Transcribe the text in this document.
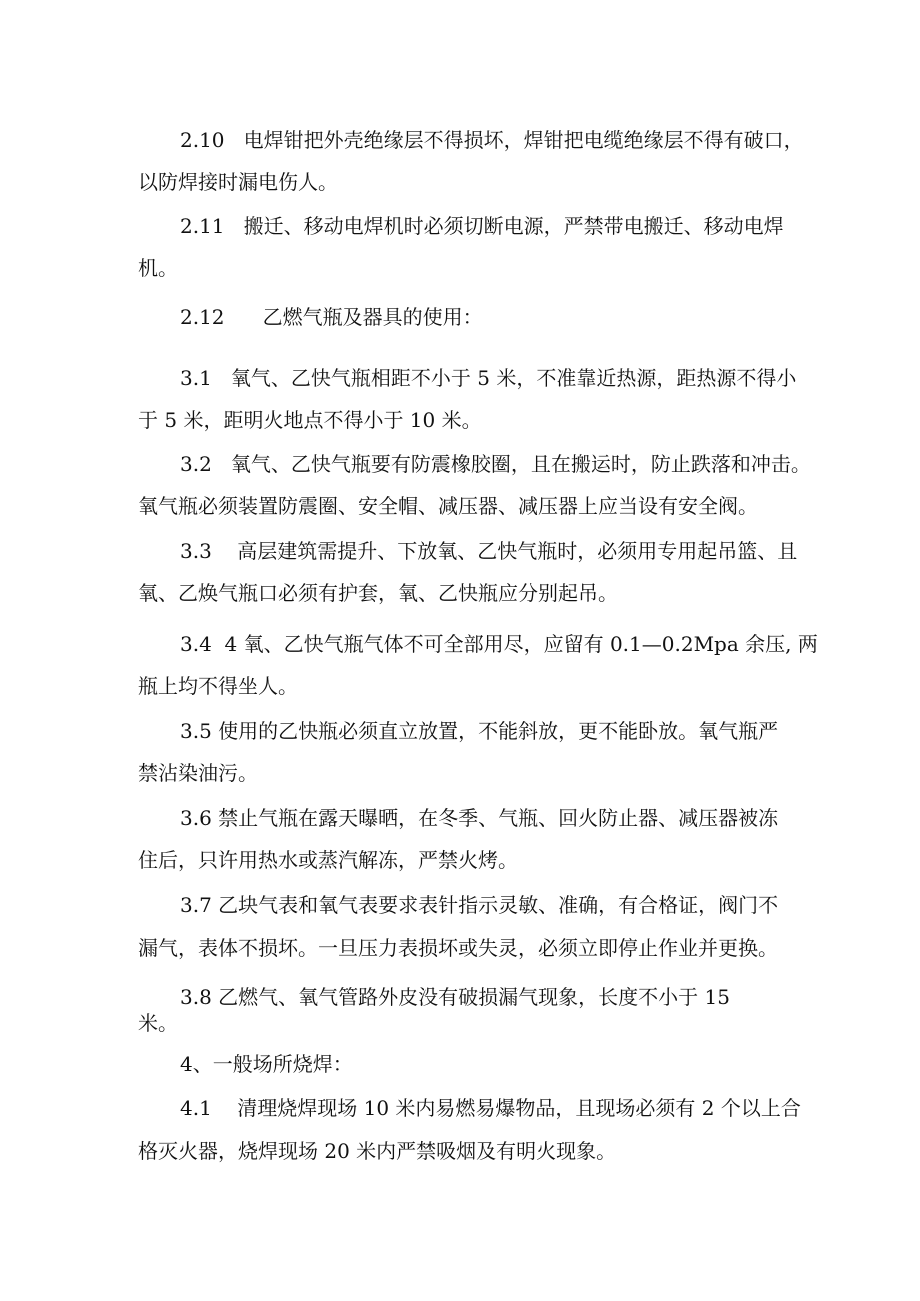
2.10   电焊钳把外壳绝缘层不得损坏，焊钳把电缆绝缘层不得有破口，
以防焊接时漏电伤人。
2.11   搬迁、移动电焊机时必须切断电源，严禁带电搬迁、移动电焊
机。
2.12      乙燃气瓶及器具的使用：
3.1   氧气、乙快气瓶相距不小于 5 米，不准靠近热源，距热源不得小
于 5 米，距明火地点不得小于 10 米。
3.2   氧气、乙快气瓶要有防震橡胶圈，且在搬运时，防止跌落和冲击。
氧气瓶必须装置防震圈、安全帽、减压器、减压器上应当设有安全阀。
3.3    高层建筑需提升、下放氧、乙快气瓶时，必须用专用起吊篮、且
氧、乙焕气瓶口必须有护套，氧、乙快瓶应分别起吊。
3.4  4 氧、乙快气瓶气体不可全部用尽，应留有 0.1—0.2Mpa 余压, 两
瓶上均不得坐人。
3.5 使用的乙快瓶必须直立放置，不能斜放，更不能卧放。氧气瓶严
禁沾染油污。
3.6 禁止气瓶在露天曝晒，在冬季、气瓶、回火防止器、减压器被冻
住后，只许用热水或蒸汽解冻，严禁火烤。
3.7 乙块气表和氧气表要求表针指示灵敏、准确，有合格证，阀门不
漏气，表体不损坏。一旦压力表损坏或失灵，必须立即停止作业并更换。
3.8 乙燃气、氧气管路外皮没有破损漏气现象，长度不小于 15
米。
4、一般场所烧焊：
4.1    清理烧焊现场 10 米内易燃易爆物品，且现场必须有 2 个以上合
格灭火器，烧焊现场 20 米内严禁吸烟及有明火现象。
